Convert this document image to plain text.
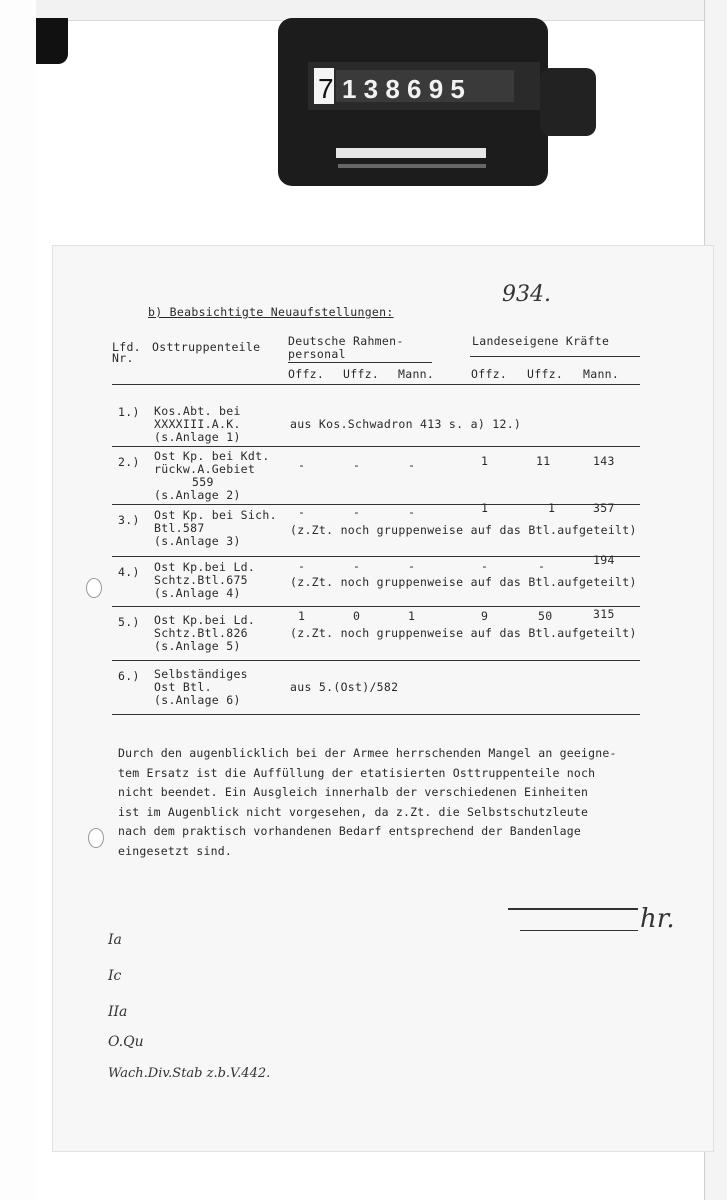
7 1 3 8 6 9 5
934.
b) Beabsichtigte Neuaufstellungen:
Lfd.
Nr.
Osttruppenteile Deutsche Rahmen-
personal
Landeseigene Kräfte
Offz. Uffz. Mann.	Offz. Uffz. Mann.
1.) Kos.Abt. bei
XXXXIII.A.K.
(s.Anlage 1)
aus Kos.Schwadron 413 s. a) 12.)
2.) Ost Kp. bei Kdt.
rückw.A.Gebiet
559
(s.Anlage 2)
-	-	-	1	11	143
3.) Ost Kp. bei Sich.
Btl.587
(s.Anlage 3)
-	-	-	1	1	357
(z.Zt. noch gruppenweise auf das Btl.aufgeteilt)
4.) Ost Kp.bei Ld.
Schtz.Btl.675
(s.Anlage 4)
-	-	-	-	-	194
(z.Zt. noch gruppenweise auf das Btl.aufgeteilt)
5.) Ost Kp.bei Ld.
Schtz.Btl.826
(s.Anlage 5)
1	0	1	9	50	315
(z.Zt. noch gruppenweise auf das Btl.aufgeteilt)
6.) Selbständiges
Ost Btl.
(s.Anlage 6)
aus 5.(Ost)/582
Durch den augenblicklich bei der Armee herrschenden Mangel an geeigne-
tem Ersatz ist die Auffüllung der etatisierten Osttruppenteile noch
nicht beendet. Ein Ausgleich innerhalb der verschiedenen Einheiten
ist im Augenblick nicht vorgesehen, da z.Zt. die Selbstschutzleute
nach dem praktisch vorhandenen Bedarf entsprechend der Bandenlage
eingesetzt sind.
hr.
Ia
Ic
IIa
O.Qu
Wach.Div.Stab z.b.V.442.
